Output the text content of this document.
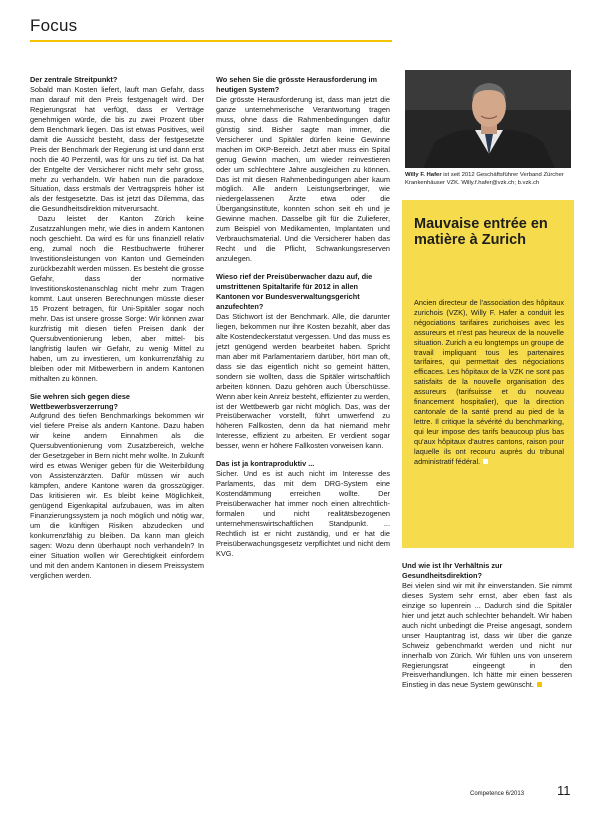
Focus
Der zentrale Streitpunkt?

Sobald man Kosten liefert, lauft man Gefahr, dass man darauf mit den Preis festgenagelt wird. Der Regierungsrat hat verfügt, dass er Verträge genehmigen würde, die bis zu zwei Prozent über dem Benchmark liegen. Das ist etwas Positives, weil damit die Aussicht besteht, dass der festgesetzte Preis der Benchmark der Regierung ist und dann erst noch die 40 Perzentil, was für uns zu tief ist. Da hat der Entgelte der Versicherer nicht mehr sehr gross, mehr zu verhandeln. Wir haben nun die paradoxe Situation, dass erstmals der Vertragspreis höher ist als der festgesetzte. Das ist jetzt das Dilemma, das die Gesundheitsdirektion mitverursacht.

Dazu leistet der Kanton Zürich keine Zusatzzahlungen mehr, wie dies in andern Kantonen noch geschieht. Da wird es für uns finanziell relativ eng, zumal noch die Restbuchwerte früherer Investitionsleistungen von Kanton und Gemeinden zurückbezahlt werden müssen. Es besteht die grosse Gefahr, dass der normative Investitionskostenanschlag nicht mehr zum Tragen kommt. Laut unseren Berechnungen müsste dieser 15 Prozent betragen, für Uni-Spitäler sogar noch mehr. Das ist unsere grosse Sorge: Wir können zwar kurzfristig mit diesen tiefen Preisen dank der Quersubventionierung leben, aber mittel- bis langfristig laufen wir Gefahr, zu wenig Mittel zu haben, um zu investieren, um konkurrenzfähig zu bleiben oder mit Mitbewerbern in andern Kantonen mithalten zu können.

Sie wehren sich gegen diese Wettbewerbsverzerrung?

Aufgrund des tiefen Benchmarkings bekommen wir viel tiefere Preise als andern Kantone. Dazu haben wir keine andern Einnahmen als die Quersubventionierung vom Zusatzbereich, welche der Gesetzgeber in Bern nicht mehr wollte. In Zukunft wird es etwas Weniger geben für die Weiterbildung von Assistenzärzten. Dafür müssen wir auch kämpfen, andere Kantone waren da grosszügiger. Das kritisieren wir. Es bleibt keine Möglichkeit, genügend Eigenkapital aufzubauen, was im alten Finanzierungssystem ja noch möglich und nötig war, um die künftigen Risiken abzudecken und konkurrenzfähig zu bleiben. Da kann man gleich sagen: Wozu denn überhaupt noch verhandeln? In einer Situation wollen wir Gerechtigkeit einfordern und mit den andern Kantonen in diesem Preissystem verglichen werden.

Wo sehen Sie die grösste Herausforderung im heutigen System?

Die grösste Herausforderung ist, dass man jetzt die ganze unternehmerische Verantwortung tragen muss, ohne dass die Rahmenbedingungen dafür günstig sind. Bisher sagte man immer, die Versicherer und Spitäler dürfen keine Gewinne machen im OKP-Bereich. Jetzt aber muss ein Spital genug Gewinn machen, um wieder reinvestieren oder um schlechtere Jahre ausgleichen zu können. Das ist mit diesen Rahmenbedingungen aber kaum möglich. Alle andern Leistungserbringer, wie niedergelassenen Ärzte etwa oder die Übergangsinstitute, konnten schon seit eh und je Gewinne machen. Dasselbe gilt für die Zulieferer, zum Beispiel von Medikamenten, Implantaten und Verbrauchsmaterial. Und die Versicherer haben das Recht und die Pflicht, Schwankungsreserven anzulegen.

Wieso rief der Preisüberwacher dazu auf, die umstrittenen Spitaltarife für 2012 in allen Kantonen vor Bundesverwaltungsgericht anzufechten?

Das Stichwort ist der Benchmark. Alle, die darunter liegen, bekommen nur ihre Kosten bezahlt, aber das alte Kostendeckerstatut vergessen. Und das muss es jetzt genügend werden bearbeitet haben. Spricht man aber mit Parlamentariern darüber, hört man oft, dass sie das eigentlich nicht so gemeint hätten, sondern sie wollten, dass die Spitäler wirtschaftlich arbeiten können. Dazu gehören auch Überschüsse. Wenn aber kein Anreiz besteht, effizienter zu werden, ist der Wettbewerb gar nicht möglich. Das, was der Preisüberwacher vorstellt, führt umwerfend zu höheren Fallkosten, denn da hat niemand mehr Interesse, effizient zu arbeiten. Er verdient sogar besser, wenn er höhere Fallkosten vorweisen kann.

Das ist ja kontraproduktiv ...

Sicher. Und es ist auch nicht im Interesse des Parlaments, das mit dem DRG-System eine Kostendämmung erreichen wollte. Der Preisüberwacher hat immer noch einen altrechtlich-formalen und nicht realitätsbezogenen unternehmenswirtschaftlichen Standpunkt. ... Rechtlich ist er nicht zuständig, und er hat die Preisüberwachungsgesetz verpflichtet und nicht dem KVG.

Willy F. Hafer ist seit 2012 Geschäftsführer Verband Zürcher Krankenhäuser VZK. Willy.f.hafer@vzk.ch; b.vzk.ch
Mauvaise entrée en matière à Zurich

Ancien directeur de l'association des hôpitaux zurichois (VZK), Willy F. Hafer a conduit les négociations tarifaires zurichoises avec les assureurs et n'est pas heureux de la nouvelle situation. Zurich a eu longtemps un groupe de travail impliquant tous les partenaires tarifaires, qui permettait des négociations efficaces. Les hôpitaux de la VZK ne sont pas satisfaits de la nouvelle organisation des assureurs (tarifsuisse et du nouveau financement hospitalier), que la direction cantonale de la santé prend au pied de la lettre. Il critique la sévérité du benchmarking, qui leur impose des tarifs beaucoup plus bas qu'aux hôpitaux d'autres cantons, raison pour laquelle ils ont recouru auprès du tribunal administratif fédéral.

Und wie ist Ihr Verhältnis zur Gesundheitsdirektion?

Bei vielen sind wir mit ihr einverstanden. Sie nimmt dieses System sehr ernst, aber eben fast als einzige so lupenrein ... Dadurch sind die Spitäler hier und jetzt auch schlechter behandelt. Wir haben auch nicht unbedingt die Preise angesagt, sondern unser Hauptantrag ist, dass wir über die ganze Schweiz gebenchmarkt werden und nicht nur innerhalb von Zürich. Wir fühlen uns von unserem Regierungsrat eingeengt in den Preisverhandlungen. Ich hätte mir einen besseren Einstieg in das neue System gewünscht.

Competence 6/2013	11
